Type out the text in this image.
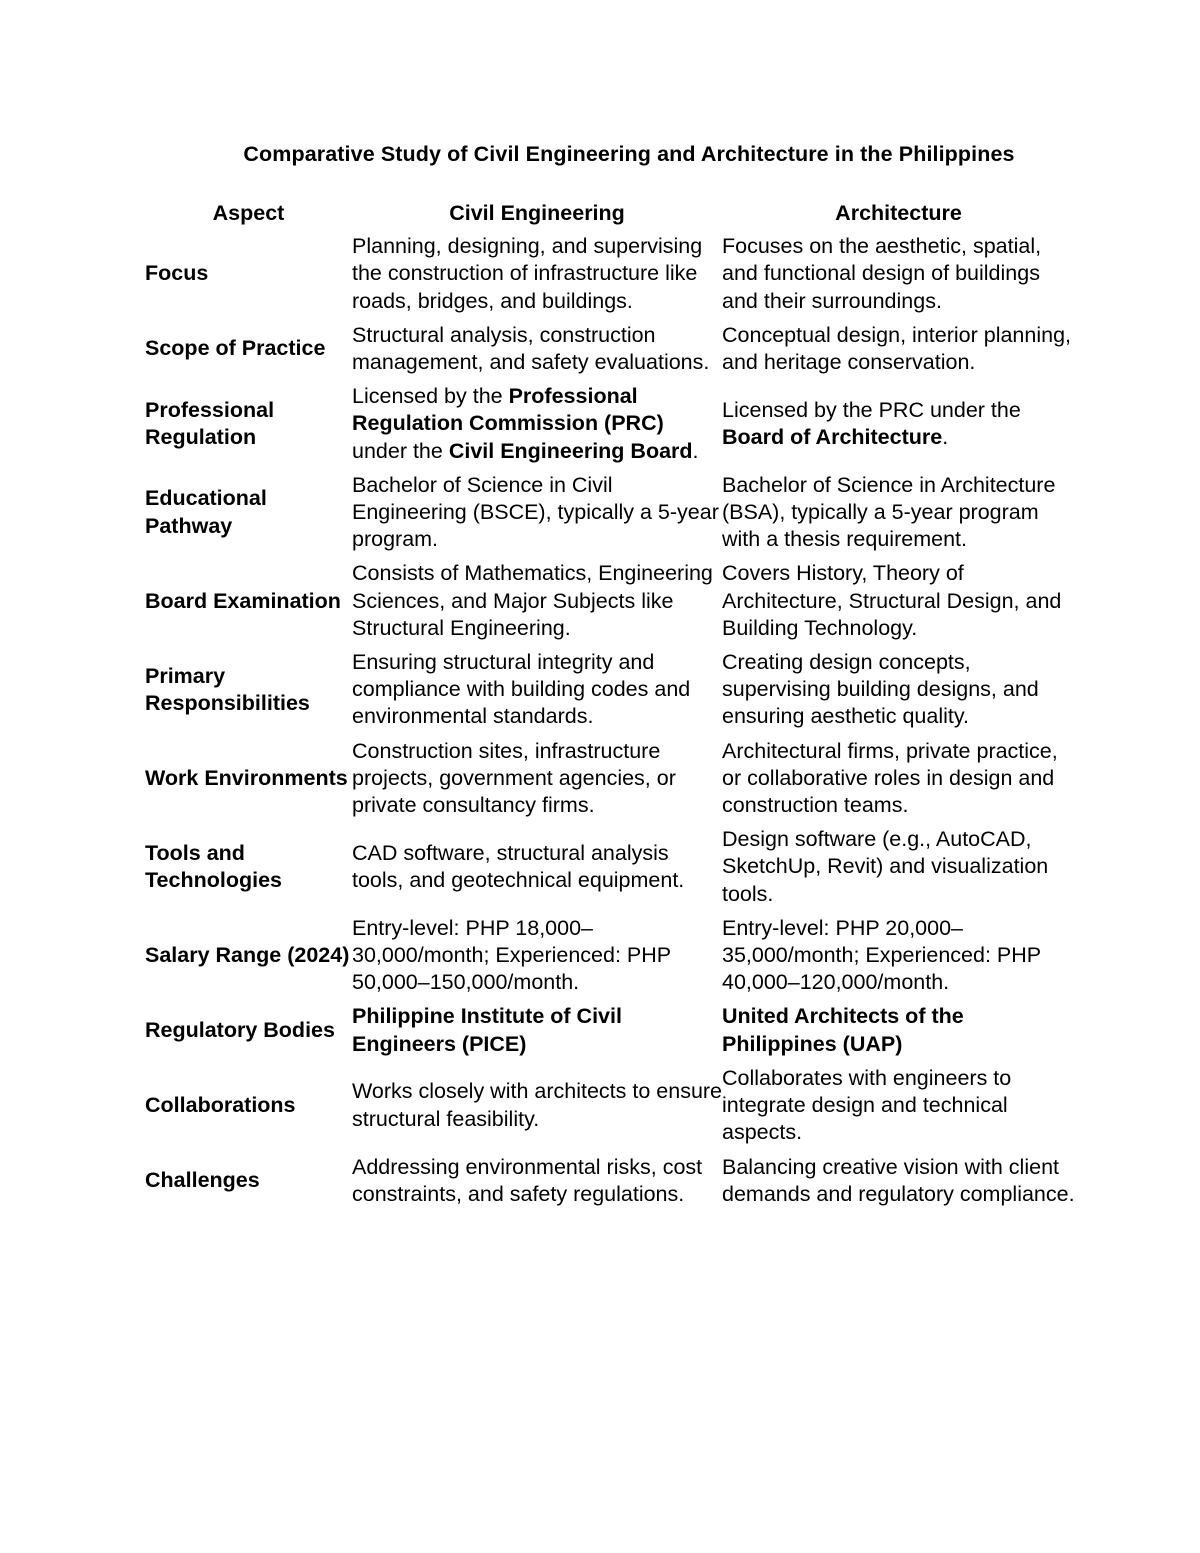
Comparative Study of Civil Engineering and Architecture in the Philippines
Aspect	Civil Engineering	Architecture
Focus
Planning, designing, and supervising the construction of infrastructure like roads, bridges, and buildings.
Focuses on the aesthetic, spatial, and functional design of buildings and their surroundings.
Scope of Practice
Structural analysis, construction management, and safety evaluations.
Conceptual design, interior planning, and heritage conservation.
Professional Regulation
Licensed by the Professional Regulation Commission (PRC) under the Civil Engineering Board.
Licensed by the PRC under the Board of Architecture.
Educational Pathway
Bachelor of Science in Civil Engineering (BSCE), typically a 5-year program.
Bachelor of Science in Architecture (BSA), typically a 5-year program with a thesis requirement.
Board Examination
Consists of Mathematics, Engineering Sciences, and Major Subjects like Structural Engineering.
Covers History, Theory of Architecture, Structural Design, and Building Technology.
Primary Responsibilities
Ensuring structural integrity and compliance with building codes and environmental standards.
Creating design concepts, supervising building designs, and ensuring aesthetic quality.
Work Environments
Construction sites, infrastructure projects, government agencies, or private consultancy firms.
Architectural firms, private practice, or collaborative roles in design and construction teams.
Tools and Technologies
CAD software, structural analysis tools, and geotechnical equipment.
Design software (e.g., AutoCAD, SketchUp, Revit) and visualization tools.
Salary Range (2024)
Entry-level: PHP 18,000–30,000/month; Experienced: PHP 50,000–150,000/month.
Entry-level: PHP 20,000–35,000/month; Experienced: PHP 40,000–120,000/month.
Regulatory Bodies
Philippine Institute of Civil Engineers (PICE)
United Architects of the Philippines (UAP)
Collaborations
Works closely with architects to ensure structural feasibility.
Collaborates with engineers to integrate design and technical aspects.
Challenges
Addressing environmental risks, cost constraints, and safety regulations.
Balancing creative vision with client demands and regulatory compliance.
